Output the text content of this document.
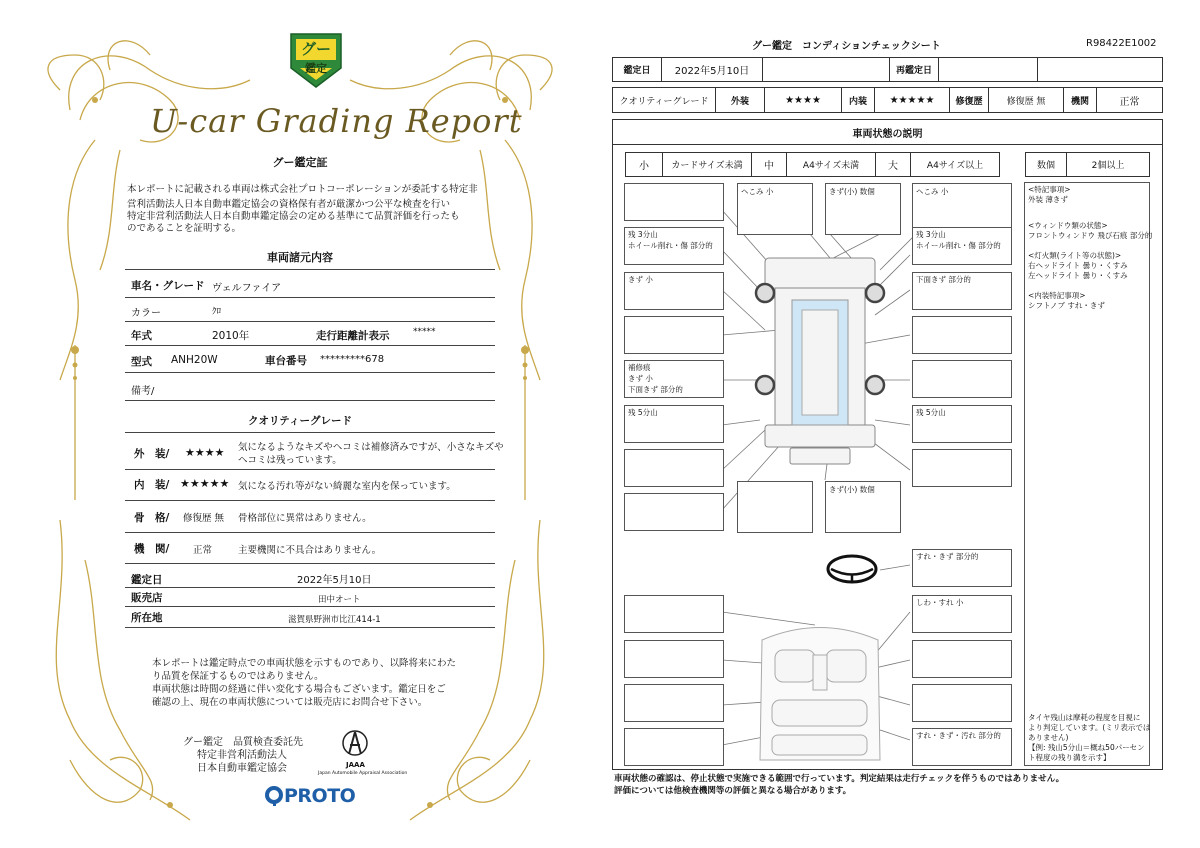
グー
鑑定
U-car Grading Report
グー鑑定証
本レポートに記載される車両は株式会社プロトコーポレーションが委託する特定非
営利活動法人日本自動車鑑定協会の資格保有者が厳潔かつ公平な検査を行い
特定非営利活動法人日本自動車鑑定協会の定める基準にて品質評価を行ったも
のであることを証明する。
車両諸元内容
車名・グレード ヴェルファイア
カラー	ｸﾛ
年式	2010年	走行距離計表示	*****
型式 ANH20W	車台番号 *********678
備考/
クオリティーグレード
外　装/ ★★★★ 気になるようなキズやヘコミは補修済みですが、小さなキズや
ヘコミは残っています。
内　装/ ★★★★★ 気になる汚れ等がない綺麗な室内を保っています。
骨　格/ 修復歴 無 骨格部位に異常はありません。
機　関/ 正常	主要機関に不具合はありません。
鑑定日	2022年5月10日
販売店	田中オート
所在地	滋賀県野洲市比江414-1
本レポートは鑑定時点での車両状態を示すものであり、以降将来にわた
り品質を保証するものではありません。
車両状態は時間の経過に伴い変化する場合もございます。鑑定日をご
確認の上、現在の車両状態については販売店にお問合せ下さい。
グー鑑定　品質検査委託先
特定非営利活動法人
日本自動車鑑定協会	JAAA
Japan Automobile Appraisal Association
PROTO
グー鑑定　コンディションチェックシート	R98422E1002
鑑定日	2022年5月10日	再鑑定日
クオリティーグレード	外装	★★★★	内装	★★★★★	修復歴	修復歴 無	機関	正常
車両状態の説明
小	カードサイズ未満	中	A4サイズ未満	大	A4サイズ以上	数個	2個以上
ヘこみ 小	きず(小) 数個	ヘこみ 小
残 3分山
ホイール削れ・傷 部分的
きず 小
補修痕
きず 小
下面きず 部分的
残 5分山
残 3分山
ホイール削れ・傷 部分的
下面きず 部分的
残 5分山
きず(小) 数個
すれ・きず 部分的
しわ・すれ 小
すれ・きず・汚れ 部分的
<特記事項>
外装 薄きず
<ウィンドウ類の状態>
フロントウィンドウ 飛び石痕 部分的
<灯火類(ライト等の状態)>
右ヘッドライト 曇り・くすみ
左ヘッドライト 曇り・くすみ
<内装特記事項>
シフトノブ すれ・きず
タイヤ残山は摩耗の程度を目視に
より判定しています。(ミリ表示では
ありません)
【例: 残山5分山＝概ね50パーセン
ト程度の残り溝を示す】
車両状態の確認は、停止状態で実施できる範囲で行っています。判定結果は走行チェックを伴うものではありません。
評価については他検査機関等の評価と異なる場合があります。
